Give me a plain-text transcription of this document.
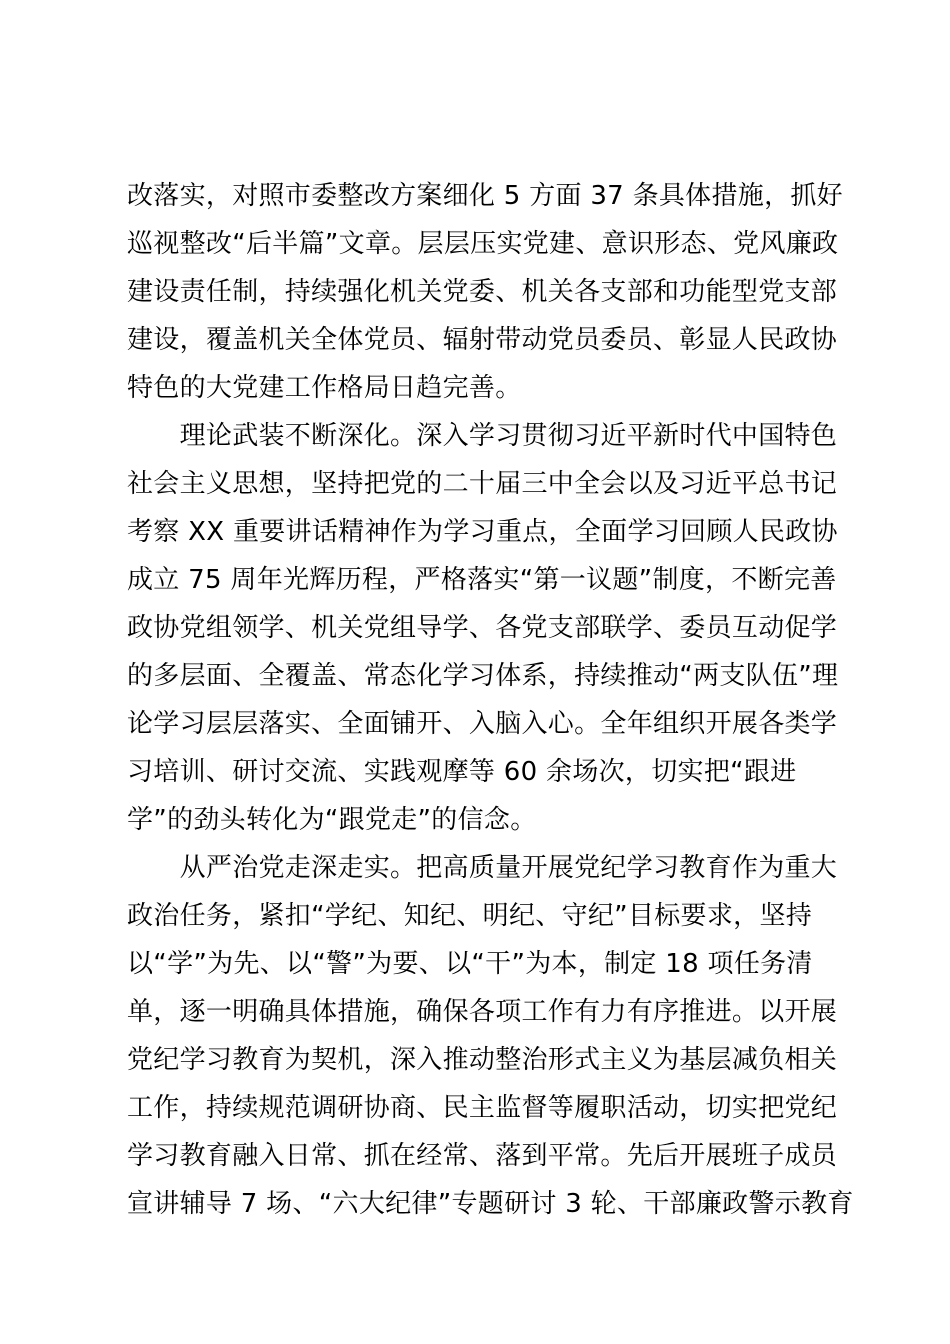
改落实，对照市委整改方案细化 5 方面 37 条具体措施，抓好
巡视整改“后半篇”文章。层层压实党建、意识形态、党风廉政
建设责任制，持续强化机关党委、机关各支部和功能型党支部
建设，覆盖机关全体党员、辐射带动党员委员、彰显人民政协
特色的大党建工作格局日趋完善。
　　理论武装不断深化。深入学习贯彻习近平新时代中国特色
社会主义思想，坚持把党的二十届三中全会以及习近平总书记
考察 XX 重要讲话精神作为学习重点，全面学习回顾人民政协
成立 75 周年光辉历程，严格落实“第一议题”制度，不断完善
政协党组领学、机关党组导学、各党支部联学、委员互动促学
的多层面、全覆盖、常态化学习体系，持续推动“两支队伍”理
论学习层层落实、全面铺开、入脑入心。全年组织开展各类学
习培训、研讨交流、实践观摩等 60 余场次，切实把“跟进
学”的劲头转化为“跟党走”的信念。
　　从严治党走深走实。把高质量开展党纪学习教育作为重大
政治任务，紧扣“学纪、知纪、明纪、守纪”目标要求，坚持
以“学”为先、以“警”为要、以“干”为本，制定 18 项任务清
单，逐一明确具体措施，确保各项工作有力有序推进。以开展
党纪学习教育为契机，深入推动整治形式主义为基层减负相关
工作，持续规范调研协商、民主监督等履职活动，切实把党纪
学习教育融入日常、抓在经常、落到平常。先后开展班子成员
宣讲辅导 7 场、“六大纪律”专题研讨 3 轮、干部廉政警示教育
